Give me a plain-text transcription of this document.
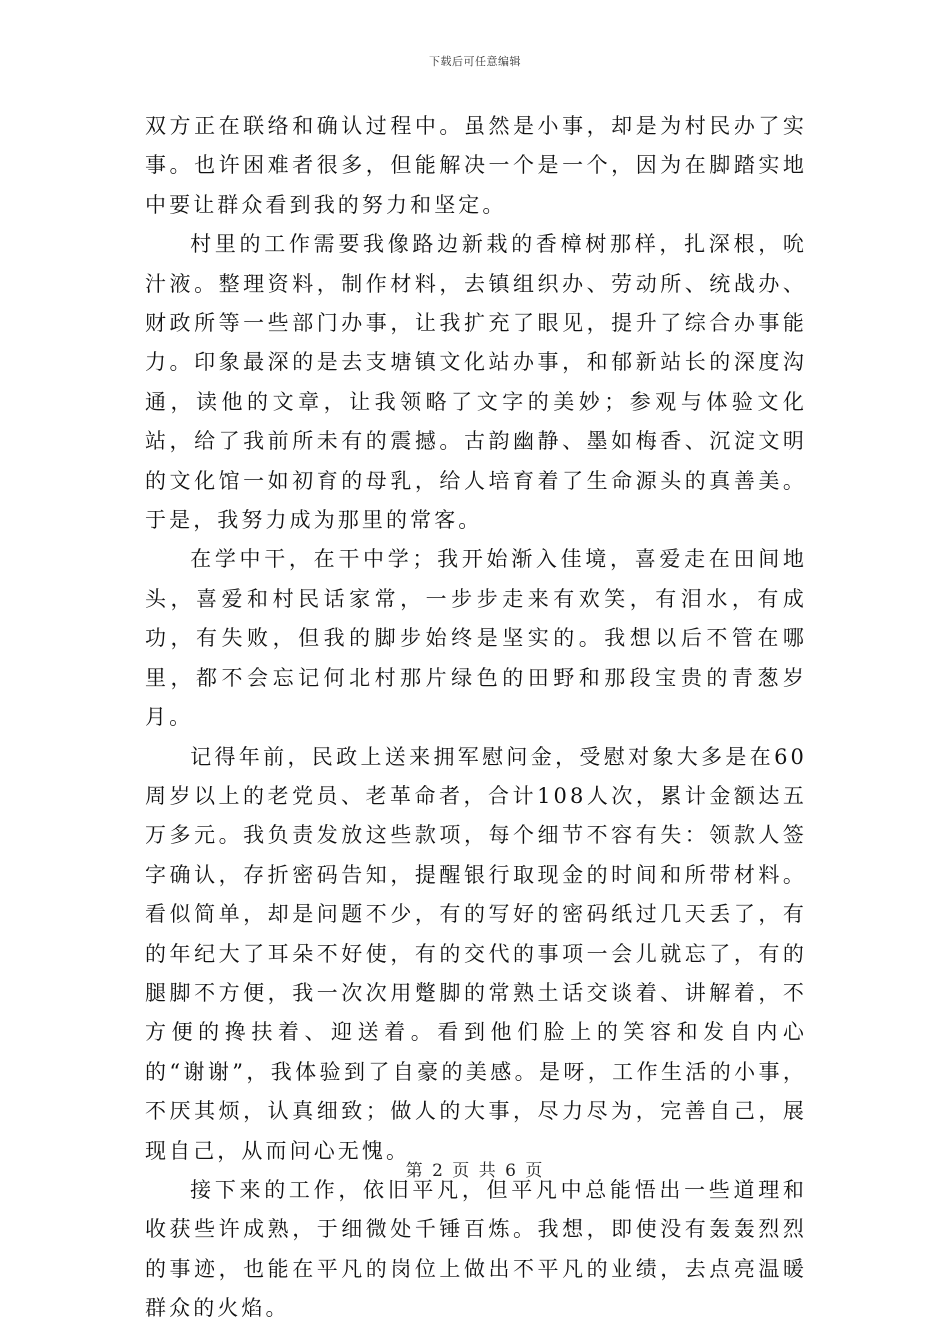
下载后可任意编辑

双方正在联络和确认过程中。虽然是小事，却是为村民办了实事。也许困难者很多，但能解决一个是一个，因为在脚踏实地中要让群众看到我的努力和坚定。

村里的工作需要我像路边新栽的香樟树那样，扎深根，吮汁液。整理资料，制作材料，去镇组织办、劳动所、统战办、财政所等一些部门办事，让我扩充了眼见，提升了综合办事能力。印象最深的是去支塘镇文化站办事，和郁新站长的深度沟通，读他的文章，让我领略了文字的美妙；参观与体验文化站，给了我前所未有的震撼。古韵幽静、墨如梅香、沉淀文明的文化馆一如初育的母乳，给人培育着了生命源头的真善美。于是，我努力成为那里的常客。

在学中干，在干中学；我开始渐入佳境，喜爱走在田间地头，喜爱和村民话家常，一步步走来有欢笑，有泪水，有成功，有失败，但我的脚步始终是坚实的。我想以后不管在哪里，都不会忘记何北村那片绿色的田野和那段宝贵的青葱岁月。

记得年前，民政上送来拥军慰问金，受慰对象大多是在60周岁以上的老党员、老革命者，合计108人次，累计金额达五万多元。我负责发放这些款项，每个细节不容有失：领款人签字确认，存折密码告知，提醒银行取现金的时间和所带材料。看似简单，却是问题不少，有的写好的密码纸过几天丢了，有的年纪大了耳朵不好使，有的交代的事项一会儿就忘了，有的腿脚不方便，我一次次用蹩脚的常熟土话交谈着、讲解着，不方便的搀扶着、迎送着。看到他们脸上的笑容和发自内心的“谢谢”，我体验到了自豪的美感。是呀，工作生活的小事，不厌其烦，认真细致；做人的大事，尽力尽为，完善自己，展现自己，从而问心无愧。

接下来的工作，依旧平凡，但平凡中总能悟出一些道理和收获些许成熟，于细微处千锤百炼。我想，即使没有轰轰烈烈的事迹，也能在平凡的岗位上做出不平凡的业绩，去点亮温暖群众的火焰。

第 2 页 共 6 页
